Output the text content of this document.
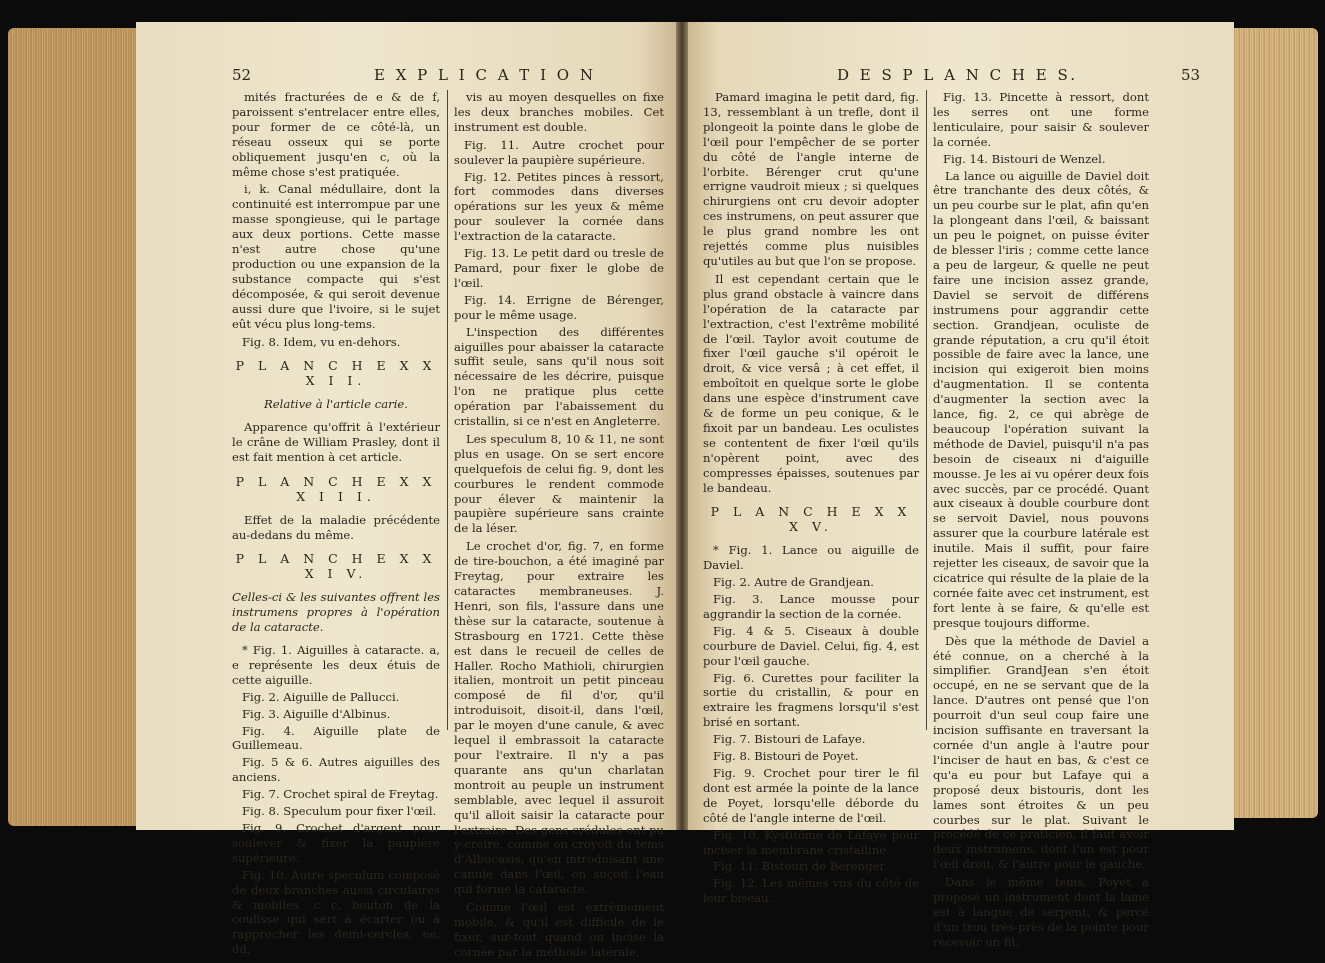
52	E X P L I C A T I O N

mités fracturées de e & de f, paroissent s'entrelacer entre elles, pour former de ce côté-là, un réseau osseux qui se porte obliquement jusqu'en c, où la même chose s'est pratiquée.

i, k. Canal médullaire, dont la continuité est interrompue par une masse spongieuse, qui le partage aux deux portions. Cette masse n'est autre chose qu'une production ou une expansion de la substance compacte qui s'est décomposée, & qui seroit devenue aussi dure que l'ivoire, si le sujet eût vécu plus long-tems.

Fig. 8. Idem, vu en-dehors.

P L A N C H E X X X I I.

Relative à l'article carie.

Apparence qu'offrit à l'extérieur le crâne de William Prasley, dont il est fait mention à cet article.

P L A N C H E X X X I I I.

Effet de la maladie précédente au-dedans du même.

P L A N C H E X X X I V.

Celles-ci & les suivantes offrent les instrumens propres à l'opération de la cataracte.

* Fig. 1. Aiguilles à cataracte. a, e représente les deux étuis de cette aiguille.

Fig. 2. Aiguille de Pallucci.

Fig. 3. Aiguille d'Albinus.

Fig. 4. Aiguille plate de Guillemeau.

Fig. 5 & 6. Autres aiguilles des anciens.

Fig. 7. Crochet spiral de Freytag.

Fig. 8. Speculum pour fixer l'œil.

Fig. 9. Crochet d'argent pour soulever & fixer la paupière supérieure.

Fig. 10. Autre speculum composé de deux branches aussi circulaires & mobiles. c c, bouton de la coulisse qui sert à écarter ou à rapprocher les demi-cercles, ee, dd,

vis au moyen desquelles on fixe les deux branches mobiles. Cet instrument est double.

Fig. 11. Autre crochet pour soulever la paupière supérieure.

Fig. 12. Petites pinces à ressort, fort commodes dans diverses opérations sur les yeux & même pour soulever la cornée dans l'extraction de la cataracte.

Fig. 13. Le petit dard ou tresle de Pamard, pour fixer le globe de l'œil.

Fig. 14. Errigne de Bérenger, pour le même usage.

L'inspection des différentes aiguilles pour abaisser la cataracte suffit seule, sans qu'il nous soit nécessaire de les décrire, puisque l'on ne pratique plus cette opération par l'abaissement du cristallin, si ce n'est en Angleterre.

Les speculum 8, 10 & 11, ne sont plus en usage. On se sert encore quelquefois de celui fig. 9, dont les courbures le rendent commode pour élever & maintenir la paupière supérieure sans crainte de la léser.

Le crochet d'or, fig. 7, en forme de tire-bouchon, a été imaginé par Freytag, pour extraire les cataractes membraneuses. J. Henri, son fils, l'assure dans une thèse sur la cataracte, soutenue à Strasbourg en 1721. Cette thèse est dans le recueil de celles de Haller. Rocho Mathioli, chirurgien italien, montroit un petit pinceau composé de fil d'or, qu'il introduisoit, disoit-il, dans l'œil, par le moyen d'une canule, & avec lequel il embrassoit la cataracte pour l'extraire. Il n'y a pas quarante ans qu'un charlatan montroit au peuple un instrument semblable, avec lequel il assuroit qu'il alloit saisir la cataracte pour l'extraire. Des gens crédules ont pu y croire, comme on croyoit du tems d'Albucasis, qu'en introduisant une canule dans l'œil, on suçoit l'eau qui forme la cataracte.

Comme l'œil est extrêmement mobile, & qu'il est difficile de le fixer, sur-tout quand on incise la cornée par la méthode latérale,

D E S P L A N C H E S.	53

Pamard imagina le petit dard, fig. 13, ressemblant à un trefle, dont il plongeoit la pointe dans le globe de l'œil pour l'empêcher de se porter du côté de l'angle interne de l'orbite. Bérenger crut qu'une errigne vaudroit mieux ; si quelques chirurgiens ont cru devoir adopter ces instrumens, on peut assurer que le plus grand nombre les ont rejettés comme plus nuisibles qu'utiles au but que l'on se propose.

Il est cependant certain que le plus grand obstacle à vaincre dans l'opération de la cataracte par l'extraction, c'est l'extrême mobilité de l'œil. Taylor avoit coutume de fixer l'œil gauche s'il opéroit le droit, & vice versâ ; à cet effet, il emboîtoit en quelque sorte le globe dans une espèce d'instrument cave & de forme un peu conique, & le fixoit par un bandeau. Les oculistes se contentent de fixer l'œil qu'ils n'opèrent point, avec des compresses épaisses, soutenues par le bandeau.

P L A N C H E X X X V.

* Fig. 1. Lance ou aiguille de Daviel.

Fig. 2. Autre de Grandjean.

Fig. 3. Lance mousse pour aggrandir la section de la cornée.

Fig. 4 & 5. Ciseaux à double courbure de Daviel. Celui, fig. 4, est pour l'œil gauche.

Fig. 6. Curettes pour faciliter la sortie du cristallin, & pour en extraire les fragmens lorsqu'il s'est brisé en sortant.

Fig. 7. Bistouri de Lafaye.

Fig. 8. Bistouri de Poyet.

Fig. 9. Crochet pour tirer le fil dont est armée la pointe de la lance de Poyet, lorsqu'elle déborde du côté de l'angle interne de l'œil.

Fig. 10. Kystitôme de Lafaye pour inciser la membrane cristalline.

Fig. 11. Bistouri de Bérenger.

Fig. 12. Les mêmes vus du côté de leur biseau.

Fig. 13. Pincette à ressort, dont les serres ont une forme lenticulaire, pour saisir & soulever la cornée.

Fig. 14. Bistouri de Wenzel.

La lance ou aiguille de Daviel doit être tranchante des deux côtés, & un peu courbe sur le plat, afin qu'en la plongeant dans l'œil, & baissant un peu le poignet, on puisse éviter de blesser l'iris ; comme cette lance a peu de largeur, & quelle ne peut faire une incision assez grande, Daviel se servoit de différens instrumens pour aggrandir cette section. Grandjean, oculiste de grande réputation, a cru qu'il étoit possible de faire avec la lance, une incision qui exigeroit bien moins d'augmentation. Il se contenta d'augmenter la section avec la lance, fig. 2, ce qui abrège de beaucoup l'opération suivant la méthode de Daviel, puisqu'il n'a pas besoin de ciseaux ni d'aiguille mousse. Je les ai vu opérer deux fois avec succès, par ce procédé. Quant aux ciseaux à double courbure dont se servoit Daviel, nous pouvons assurer que la courbure latérale est inutile. Mais il suffit, pour faire rejetter les ciseaux, de savoir que la cicatrice qui résulte de la plaie de la cornée faite avec cet instrument, est fort lente à se faire, & qu'elle est presque toujours difforme.

Dès que la méthode de Daviel a été connue, on a cherché à la simplifier. GrandJean s'en étoit occupé, en ne se servant que de la lance. D'autres ont pensé que l'on pourroit d'un seul coup faire une incision suffisante en traversant la cornée d'un angle à l'autre pour l'inciser de haut en bas, & c'est ce qu'a eu pour but Lafaye qui a proposé deux bistouris, dont les lames sont étroites & un peu courbes sur le plat. Suivant le procédé de ce praticien, il faut avoir deux instrumens, dont l'un est pour l'œil droit, & l'autre pour le gauche.

Dans le même tems, Poyet a proposé un instrument dont la lame est à langue de serpent, & percé d'un trou très-près de la pointe pour recevoir un fil.
